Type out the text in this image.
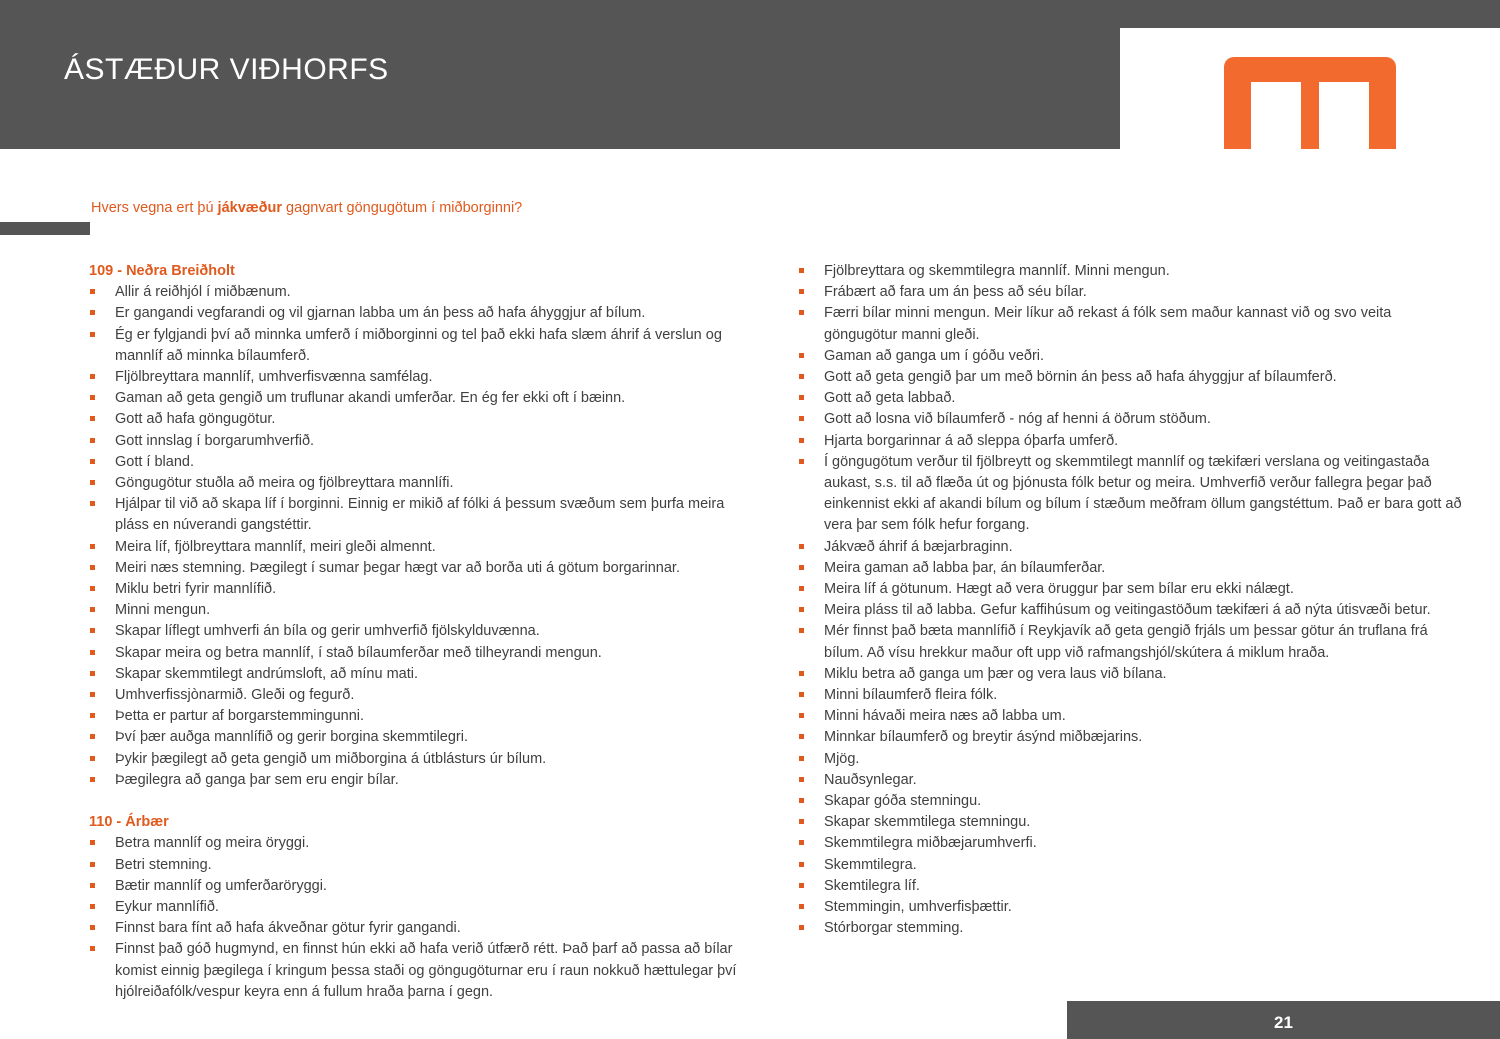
ÁSTÆÐUR VIÐHORFS
Hvers vegna ert þú jákvæður gagnvart göngugötum í miðborginni?
109 - Neðra Breiðholt
Allir á reiðhjól í miðbænum.
Er gangandi vegfarandi og vil gjarnan labba um án þess að hafa áhyggjur af bílum.
Ég er fylgjandi því að minnka umferð í miðborginni og tel það ekki hafa slæm áhrif á verslun og mannlíf að minnka bílaumferð.
Fljölbreyttara mannlíf, umhverfisvænna samfélag.
Gaman að geta gengið um truflunar akandi umferðar. En ég fer ekki oft í bæinn.
Gott að hafa göngugötur.
Gott innslag í borgarumhverfið.
Gott í bland.
Göngugötur stuðla að meira og fjölbreyttara mannlífi.
Hjálpar til við að skapa líf í borginni. Einnig er mikið af fólki á þessum svæðum sem þurfa meira pláss en núverandi gangstéttir.
Meira líf, fjölbreyttara mannlíf, meiri gleði almennt.
Meiri næs stemning. Þægilegt í sumar þegar hægt var að borða uti á götum borgarinnar.
Miklu betri fyrir mannlífið.
Minni mengun.
Skapar líflegt umhverfi án bíla og gerir umhverfið fjölskylduvænna.
Skapar meira og betra mannlíf, í stað bílaumferðar með tilheyrandi mengun.
Skapar skemmtilegt andrúmsloft, að mínu mati.
Umhverfissjònarmið. Gleði og fegurð.
Þetta er partur af borgarstemmingunni.
Því þær auðga mannlífið og gerir borgina skemmtilegri.
Þykir þægilegt að geta gengið um miðborgina á útblásturs úr bílum.
Þægilegra að ganga þar sem eru engir bílar.
110 - Árbær
Betra mannlíf og meira öryggi.
Betri stemning.
Bætir mannlíf og umferðaröryggi.
Eykur mannlífið.
Finnst bara fínt að hafa ákveðnar götur fyrir gangandi.
Finnst það góð hugmynd, en finnst hún ekki að hafa verið útfærð rétt. Það þarf að passa að bílar komist einnig þægilega í kringum þessa staði og göngugöturnar eru í raun nokkuð hættulegar því hjólreiðafólk/vespur keyra enn á fullum hraða þarna í gegn.
Fjölbreyttara og skemmtilegra mannlíf. Minni mengun.
Frábært að fara um án þess að séu bílar.
Færri bílar minni mengun. Meir líkur að rekast á fólk sem maður kannast við og svo veita göngugötur manni gleði.
Gaman að ganga um í góðu veðri.
Gott að geta gengið þar um með börnin án þess að hafa áhyggjur af bílaumferð.
Gott að geta labbað.
Gott að losna við bílaumferð - nóg af henni á öðrum stöðum.
Hjarta borgarinnar á að sleppa óþarfa umferð.
Í göngugötum verður til fjölbreytt og skemmtilegt mannlíf og tækifæri verslana og veitingastaða aukast, s.s. til að flæða út og þjónusta fólk betur og meira. Umhverfið verður fallegra þegar það einkennist ekki af akandi bílum og bílum í stæðum meðfram öllum gangstéttum. Það er bara gott að vera þar sem fólk hefur forgang.
Jákvæð áhrif á bæjarbraginn.
Meira gaman að labba þar, án bílaumferðar.
Meira líf á götunum. Hægt að vera öruggur þar sem bílar eru ekki nálægt.
Meira pláss til að labba. Gefur kaffihúsum og veitingastöðum tækifæri á að nýta útisvæði betur.
Mér finnst það bæta mannlífið í Reykjavík að geta gengið frjáls um þessar götur án truflana frá bílum. Að vísu hrekkur maður oft upp við rafmangshjól/skútera á miklum hraða.
Miklu betra að ganga um þær og vera laus við bílana.
Minni bílaumferð fleira fólk.
Minni hávaði meira næs að labba um.
Minnkar bílaumferð og breytir ásýnd miðbæjarins.
Mjög.
Nauðsynlegar.
Skapar góða stemningu.
Skapar skemmtilega stemningu.
Skemmtilegra miðbæjarumhverfi.
Skemmtilegra.
Skemtilegra líf.
Stemmingin, umhverfisþættir.
Stórborgar stemming.
21
